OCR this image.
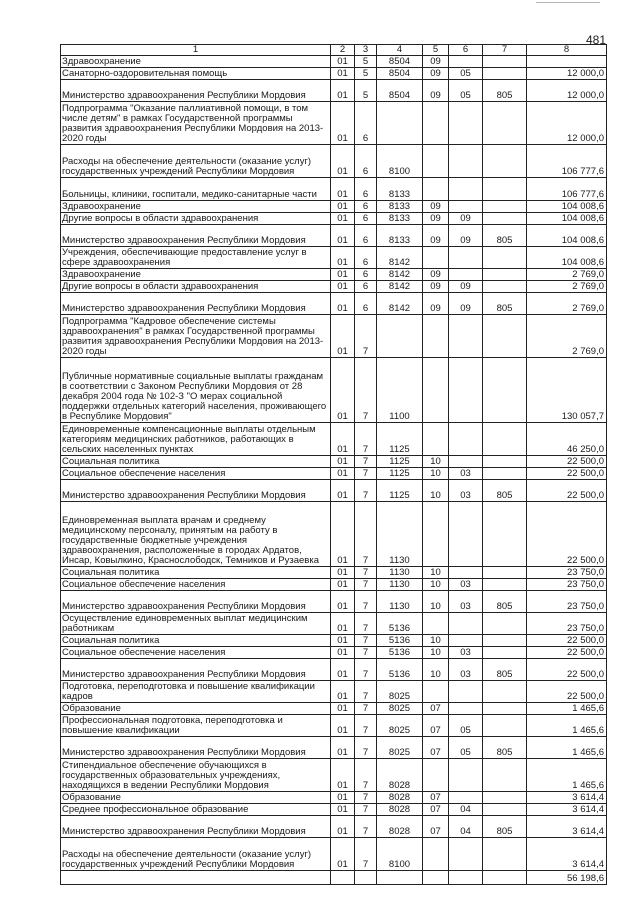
481
1	2	3	4	5	6	7	8
Здравоохранение	01	5	8504	09			
Санаторно-оздоровительная помощь	01	5	8504	09	05		12 000,0
Министерство здравоохранения Республики Мордовия	01	5	8504	09	05	805	12 000,0
Подпрограмма "Оказание паллиативной помощи, в том числе детям" в рамках Государственной программы развития здравоохранения Республики Мордовия на 2013-2020 годы	01	6					12 000,0
Расходы на обеспечение деятельности (оказание услуг) государственных учреждений Республики Мордовия	01	6	8100				106 777,6
Больницы, клиники, госпитали, медико-санитарные части	01	6	8133				106 777,6
Здравоохранение	01	6	8133	09			104 008,6
Другие вопросы в области здравоохранения	01	6	8133	09	09		104 008,6
Министерство здравоохранения Республики Мордовия	01	6	8133	09	09	805	104 008,6
Учреждения, обеспечивающие предоставление услуг в сфере здравоохранения	01	6	8142				104 008,6
Здравоохранение	01	6	8142	09			2 769,0
Другие вопросы в области здравоохранения	01	6	8142	09	09		2 769,0
Министерство здравоохранения Республики Мордовия	01	6	8142	09	09	805	2 769,0
Подпрограмма "Кадровое обеспечение системы здравоохранения" в рамках Государственной программы развития здравоохранения Республики Мордовия на 2013-2020 годы	01	7					2 769,0
Публичные нормативные социальные выплаты гражданам в соответствии с Законом Республики Мордовия от 28 декабря 2004 года № 102-З "О мерах социальной поддержки отдельных категорий населения, проживающего в Республике Мордовия"	01	7	1100				130 057,7
Единовременные компенсационные выплаты отдельным категориям медицинских работников, работающих в сельских населенных пунктах	01	7	1125				46 250,0
Социальная политика	01	7	1125	10			22 500,0
Социальное обеспечение населения	01	7	1125	10	03		22 500,0
Министерство здравоохранения Республики Мордовия	01	7	1125	10	03	805	22 500,0
Единовременная выплата врачам и среднему медицинскому персоналу, принятым на работу в государственные бюджетные учреждения здравоохранения, расположенные в городах Ардатов, Инсар, Ковылкино, Краснослободск, Темников и Рузаевка	01	7	1130				22 500,0
Социальная политика	01	7	1130	10			23 750,0
Социальное обеспечение населения	01	7	1130	10	03		23 750,0
Министерство здравоохранения Республики Мордовия	01	7	1130	10	03	805	23 750,0
Осуществление единовременных выплат медицинским работникам	01	7	5136				23 750,0
Социальная политика	01	7	5136	10			22 500,0
Социальное обеспечение населения	01	7	5136	10	03		22 500,0
Министерство здравоохранения Республики Мордовия	01	7	5136	10	03	805	22 500,0
Подготовка, переподготовка и повышение квалификации кадров	01	7	8025				22 500,0
Образование	01	7	8025	07			1 465,6
Профессиональная подготовка, переподготовка и повышение квалификации	01	7	8025	07	05		1 465,6
Министерство здравоохранения Республики Мордовия	01	7	8025	07	05	805	1 465,6
Стипендиальное обеспечение обучающихся в государственных образовательных учреждениях, находящихся в ведении Республики Мордовия	01	7	8028				1 465,6
Образование	01	7	8028	07			3 614,4
Среднее профессиональное образование	01	7	8028	07	04		3 614,4
Министерство здравоохранения Республики Мордовия	01	7	8028	07	04	805	3 614,4
Расходы на обеспечение деятельности (оказание услуг) государственных учреждений Республики Мордовия	01	7	8100				3 614,4
							56 198,6
